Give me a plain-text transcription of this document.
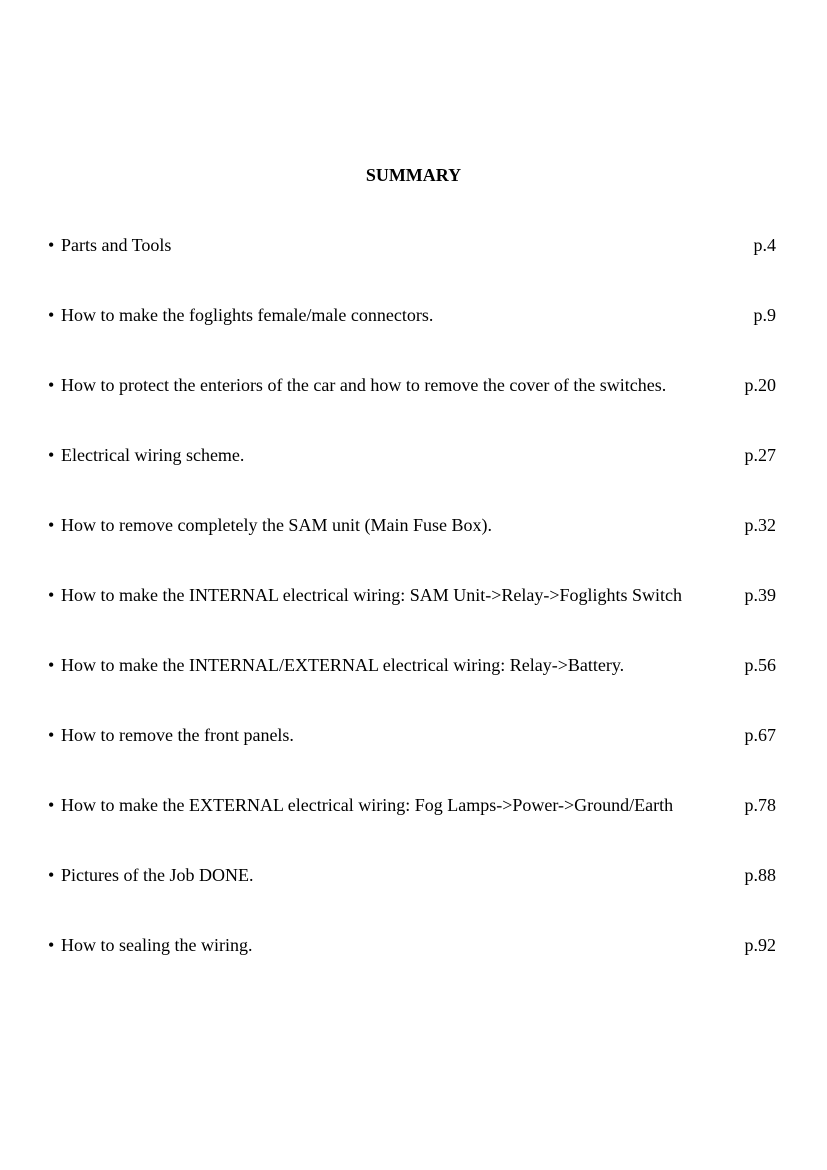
SUMMARY
• Parts and Tools	p.4
• How to make the foglights female/male connectors.	p.9
• How to protect the enteriors of the car and how to remove the cover of the switches.	p.20
• Electrical wiring scheme.	p.27
• How to remove completely the SAM unit (Main Fuse Box).	p.32
• How to make the INTERNAL electrical wiring: SAM Unit->Relay->Foglights Switch	p.39
• How to make the INTERNAL/EXTERNAL electrical wiring: Relay->Battery.	p.56
• How to remove the front panels.	p.67
• How to make the EXTERNAL electrical wiring: Fog Lamps->Power->Ground/Earth	p.78
• Pictures of the Job DONE.	p.88
• How to sealing the wiring.	p.92
